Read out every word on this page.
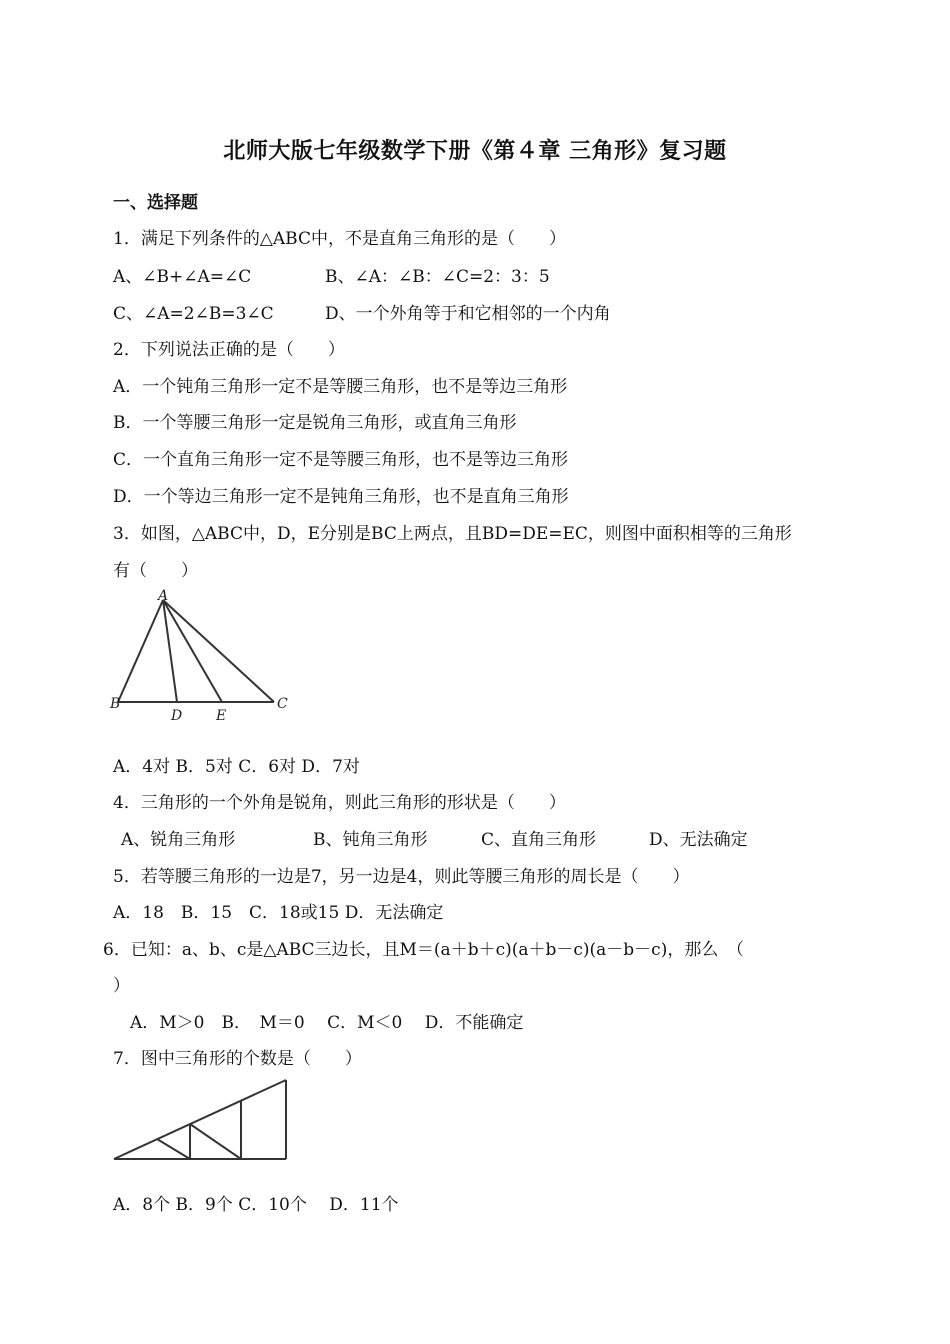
北师大版七年级数学下册《第４章 三角形》复习题
一、选择题
1．满足下列条件的△ABC中，不是直角三角形的是（　　）
A、∠B+∠A=∠C	B、∠A：∠B：∠C=2：3：5
C、∠A=2∠B=3∠C	D、一个外角等于和它相邻的一个内角
2．下列说法正确的是（　　）
A．一个钝角三角形一定不是等腰三角形，也不是等边三角形
B．一个等腰三角形一定是锐角三角形，或直角三角形
C．一个直角三角形一定不是等腰三角形，也不是等边三角形
D．一个等边三角形一定不是钝角三角形，也不是直角三角形
3．如图，△ABC中，D，E分别是BC上两点，且BD=DE=EC，则图中面积相等的三角形
有（　　）
A
B	C
D E
A．4对 B．5对 C．6对 D．7对
4．三角形的一个外角是锐角，则此三角形的形状是（　　）
A、锐角三角形	B、钝角三角形	C、直角三角形	D、无法确定
5．若等腰三角形的一边是7，另一边是4，则此等腰三角形的周长是（　　）
A．18　B．15　C．18或15 D．无法确定
6．已知：a、b、c是△ABC三边长，且M＝(a＋b＋c)(a＋b－c)(a－b－c)，那么　（
）
A．M＞0　B．　M＝0　 C．M＜0　 D．不能确定
7．图中三角形的个数是（　　）
A．8个 B．9个 C．10个　 D．11个
